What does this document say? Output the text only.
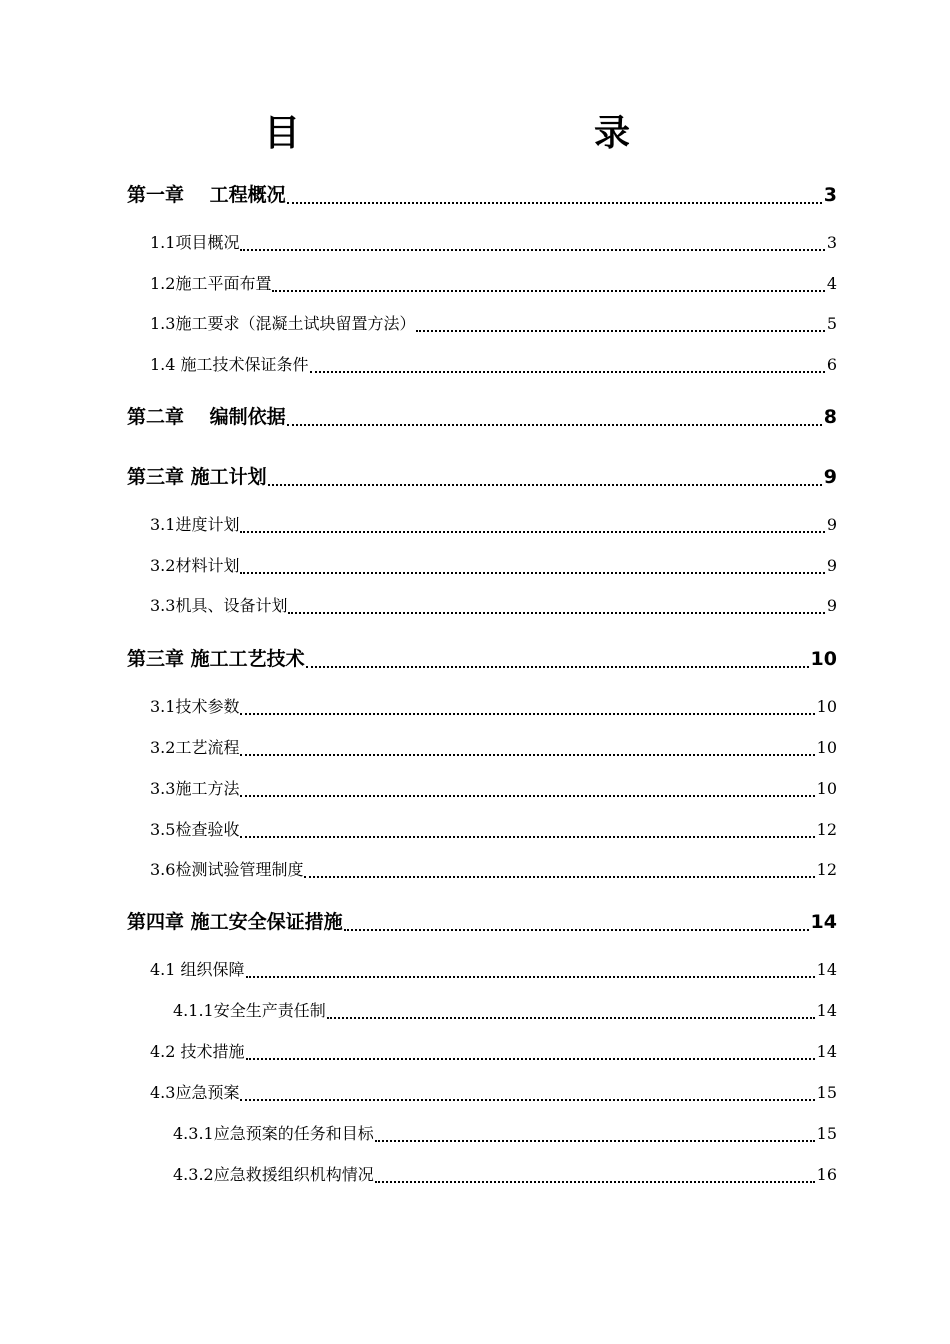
目　　录
第一章　 工程概况	3
1.1项目概况	3
1.2施工平面布置	4
1.3施工要求（混凝土试块留置方法）	5
1.4 施工技术保证条件	6
第二章　 编制依据	8
第三章 施工计划	9
3.1进度计划	9
3.2材料计划	9
3.3机具、设备计划	9
第三章 施工工艺技术	10
3.1技术参数	10
3.2工艺流程	10
3.3施工方法	10
3.5检查验收	12
3.6检测试验管理制度	12
第四章 施工安全保证措施	14
4.1 组织保障	14
4.1.1安全生产责任制	14
4.2 技术措施	14
4.3应急预案	15
4.3.1应急预案的任务和目标	15
4.3.2应急救援组织机构情况	16
